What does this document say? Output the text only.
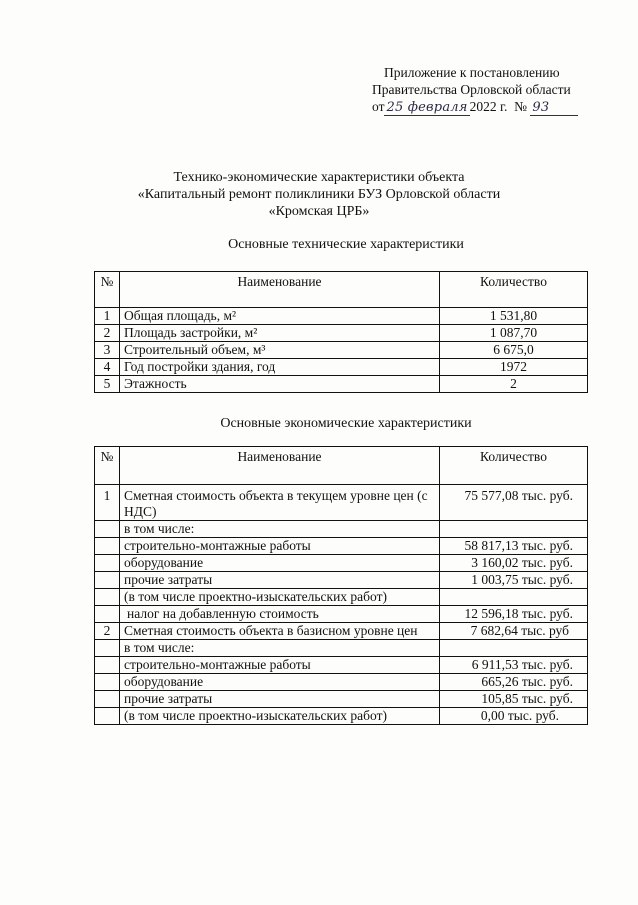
Приложение к постановлению
Правительства Орловской области
от 25 февраля 2022 г. № 93
Технико-экономические характеристики объекта
«Капитальный ремонт поликлиники БУЗ Орловской области
«Кромская ЦРБ»
Основные технические характеристики
№	Наименование	Количество
1	Общая площадь, м²	1 531,80
2	Площадь застройки, м²	1 087,70
3	Строительный объем, м³	6 675,0
4	Год постройки здания, год	1972
5	Этажность	2
Основные экономические характеристики
№	Наименование	Количество
1	Сметная стоимость объекта в текущем уровне цен (с НДС)	75 577,08 тыс. руб.
	в том числе:	
	строительно-монтажные работы	58 817,13 тыс. руб.
	оборудование	3 160,02 тыс. руб.
	прочие затраты	1 003,75 тыс. руб.
	(в том числе проектно-изыскательских работ)	
	налог на добавленную стоимость	12 596,18 тыс. руб.
2	Сметная стоимость объекта в базисном уровне цен	7 682,64 тыс. руб
	в том числе:	
	строительно-монтажные работы	6 911,53 тыс. руб.
	оборудование	665,26 тыс. руб.
	прочие затраты	105,85 тыс. руб.
	(в том числе проектно-изыскательских работ)	0,00 тыс. руб.
